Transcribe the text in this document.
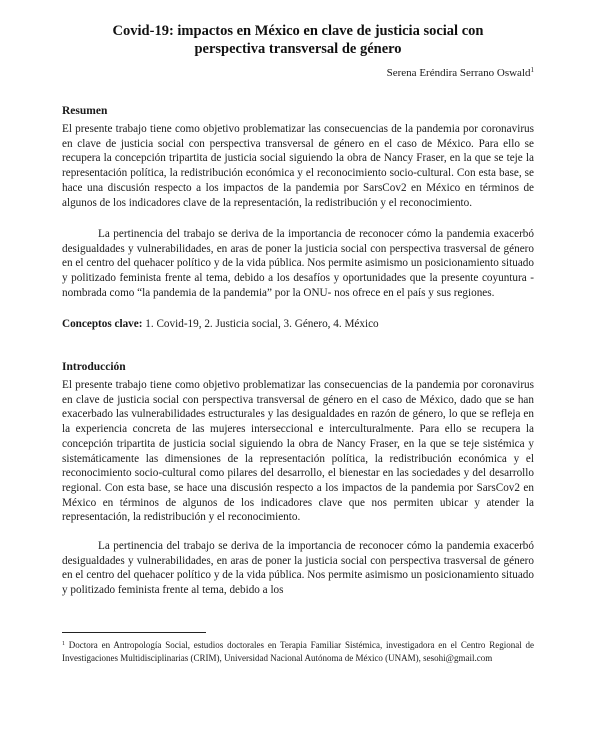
Covid-19: impactos en México en clave de justicia social con
perspectiva transversal de género
Serena Eréndira Serrano Oswald$^1$
Resumen

El presente trabajo tiene como objetivo problematizar las consecuencias de la pandemia por coronavirus en clave de justicia social con perspectiva transversal de género en el caso de México. Para ello se recupera la concepción tripartita de justicia social siguiendo la obra de Nancy Fraser, en la que se teje la representación política, la redistribución económica y el reconocimiento socio-cultural. Con esta base, se hace una discusión respecto a los impactos de la pandemia por SarsCov2 en México en términos de algunos de los indicadores clave de la representación, la redistribución y el reconocimiento.

La pertinencia del trabajo se deriva de la importancia de reconocer cómo la pandemia exacerbó desigualdades y vulnerabilidades, en aras de poner la justicia social con perspectiva trasversal de género en el centro del quehacer político y de la vida pública. Nos permite asimismo un posicionamiento situado y politizado feminista frente al tema, debido a los desafíos y oportunidades que la presente coyuntura -nombrada como “la pandemia de la pandemia” por la ONU- nos ofrece en el país y sus regiones.

Conceptos clave: 1. Covid-19, 2. Justicia social, 3. Género, 4. México
Introducción

El presente trabajo tiene como objetivo problematizar las consecuencias de la pandemia por coronavirus en clave de justicia social con perspectiva transversal de género en el caso de México, dado que se han exacerbado las vulnerabilidades estructurales y las desigualdades en razón de género, lo que se refleja en la experiencia concreta de las mujeres interseccional e interculturalmente. Para ello se recupera la concepción tripartita de justicia social siguiendo la obra de Nancy Fraser, en la que se teje sistémica y sistemáticamente las dimensiones de la representación política, la redistribución económica y el reconocimiento socio-cultural como pilares del desarrollo, el bienestar en las sociedades y del desarrollo regional. Con esta base, se hace una discusión respecto a los impactos de la pandemia por SarsCov2 en México en términos de algunos de los indicadores clave que nos permiten ubicar y atender la representación, la redistribución y el reconocimiento.

La pertinencia del trabajo se deriva de la importancia de reconocer cómo la pandemia exacerbó desigualdades y vulnerabilidades, en aras de poner la justicia social con perspectiva trasversal de género en el centro del quehacer político y de la vida pública. Nos permite asimismo un posicionamiento situado y politizado feminista frente al tema, debido a los

$^1$ Doctora en Antropología Social, estudios doctorales en Terapia Familiar Sistémica, investigadora en el Centro Regional de Investigaciones Multidisciplinarias (CRIM), Universidad Nacional Autónoma de México (UNAM), sesohi@gmail.com
